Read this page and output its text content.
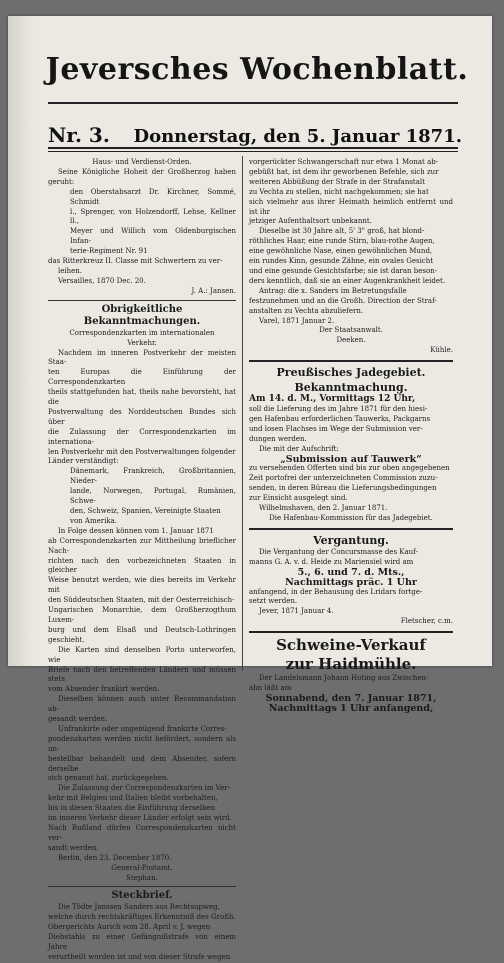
Jeversches Wochenblatt.
Nr. 3. Donnerstag, den 5. Januar 1871.

Haus- und Verdienst-Orden.

Seine Königliche Hoheit der Großherzog haben geruht:

den Oberstabsarzt Dr. Kirchner, Sommé, Schmidt

l., Sprenger, von Holzendorff, Lehse, Kellner ll.,

Meyer und Willich vom Oldenburgischen Infan-

terie-Regiment Nr. 91

das Ritterkreuz II. Classe mit Schwertern zu ver-

leihen.

Versailles, 1870 Dec. 20.

J. A.: Jansen.

Obrigkeitliche Bekanntmachungen.

Correspondenzkarten im internationalen

Verkehr.

Nachdem im inneren Postverkehr der meisten Staa-

ten Europas die Einführung der Correspondenzkarten

theils stattgefunden hat, theils nahe bevorsteht, hat die

Postverwaltung des Norddeutschen Bundes sich über

die Zulassung der Correspondenzkarten im internationa-

len Postverkehr mit den Postverwaltungen folgender

Länder verständigt:

Dänemark, Frankreich, Großbritannien, Nieder-

lande, Norwegen, Portugal, Rumänien, Schwe-

den, Schweiz, Spanien, Vereinigte Staaten

von Amerika.

In Folge dessen können vom 1. Januar 1871

ab Correspondenzkarten zur Mittheilung brieflicher Nach-

richten nach den vorbezeichneten Staaten in gleicher

Weise benutzt werden, wie dies bereits im Verkehr mit

den Süddeutschen Staaten, mit der Oesterreichisch-

Ungarischen Monarchie, dem Großherzogthum Luxem-

burg und dem Elsaß und Deutsch-Lothringen geschieht.

Die Karten sind denselben Porto unterworfen, wie

Briefe nach den betreffenden Ländern und müssen stets

vom Absender frankirt werden.

Dieselben können auch unter Recommandation ab-

gesandt werden.

Unfrankirte oder ungenügend frankirte Corres-

pondenzkarten werden nicht befördert, sondern als un-

bestellbar behandelt und dem Absender, sofern derselbe

sich genannt hat, zurückgegeben.

Die Zulassung der Correspondenzkarten im Ver-

kehr mit Belgien und Italien bleibt vorbehalten,

bis in diesen Staaten die Einführung derselben

im inneren Verkehr dieser Länder erfolgt sein wird.

Nach Rußland dürfen Correspondenzkarten nicht ver-

sandt werden.

Berlin, den 23. December 1870.

General-Postamt.

Stephan.

Steckbrief.

Die Tödte Janssen Sanders aus Rechtsupweg,

welche durch rechtskräftiges Erkenntniß des Großh.

Obergerichts Aurich vom 28. April v. J. wegen

Diebstahls zu einer Gefängnißstrafe von einem Jahre

verurtheilt worden ist und von dieser Strafe wegen

vorgerückter Schwangerschaft nur etwa 1 Monat ab-

gebüßt hat, ist dem ihr geworbenen Befehle, sich zur

weiteren Abbüßung der Strafe in der Strafanstalt

zu Vechta zu stellen, nicht nachgekommen; sie hat

sich vielmehr aus ihrer Heimath heimlich entfernt und ist ihr

jetziger Aufenthaltsort unbekannt.

Dieselbe ist 30 Jahre alt, 5' 3" groß, hat blond-

röthliches Haar, eine runde Stirn, blau-rothe Augen,

eine gewöhnliche Nase, einen gewöhnlichen Mund,

ein rundes Kinn, gesunde Zähne, ein ovales Gesicht

und eine gesunde Gesichtsfarbe; sie ist daran beson-

ders kenntlich, daß sie an einer Augenkrankheit leidet.

Antrag: die x. Sanders im Betretungsfalle

festzunehmen und an die Großh. Direction der Straf-

anstalten zu Vechta abzuliefern.

Varel, 1871 Januar 2.

Der Staatsanwalt.

Deeken.

Kühle.

Preußisches Jadegebiet.

Bekanntmachung.

Am 14. d. M., Vormittags 12 Uhr,

soll die Lieferung des im Jahre 1871 für den hiesi-

gen Hafenbau erforderlichen Tauwerks, Packgarns

und losen Flachses im Wege der Submission ver-

dungen werden.

Die mit der Aufschrift:

„Submission auf Tauwerk“

zu versehenden Offerten sind bis zur oben angegebenen

Zeit portofrei der unterzeichneten Commission zuzu-

senden, in deren Büreau die Lieferungsbedingungen

zur Einsicht ausgelegt sind.

Wilhelmshaven, den 2. Januar 1871.

Die Hafenbau-Kommission für das Jadegebiet.

Vergantung.

Die Vergantung der Concursmasse des Kauf-

manns G. A. v. d. Heide zu Mariensiel wird am

5., 6. und 7. d. Mts.,

Nachmittags präc. 1 Uhr

anfangend, in der Behausung des Lridars fortge-

setzt werden.

Jever, 1871 Januar 4.

Fletscher, c.m.

Schweine-Verkauf

zur Haidmühle.

Der Landelsmann Johann Hoting aus Zwischen-

ahn läßt am

Sonnabend, den 7. Januar 1871,

Nachmittags 1 Uhr anfangend,
